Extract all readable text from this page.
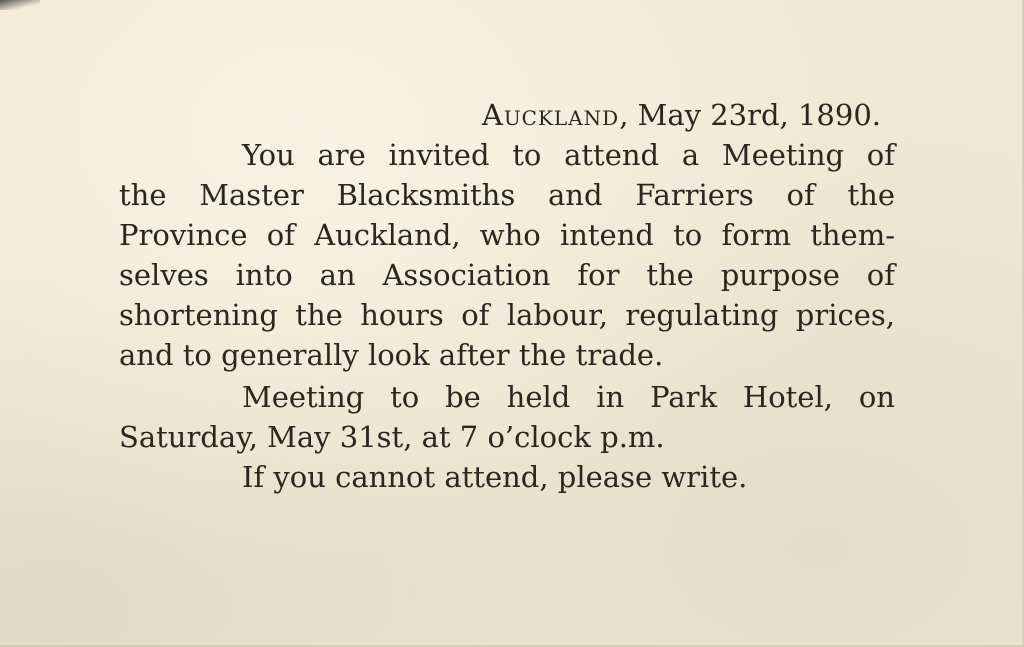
Auckland, May 23rd, 1890.
You are invited to attend a Meeting of
the Master Blacksmiths and Farriers of the
Province of Auckland, who intend to form them-
selves into an Association for the purpose of
shortening the hours of labour, regulating prices,
and to generally look after the trade.
Meeting to be held in Park Hotel, on
Saturday, May 31st, at 7 o’clock p.m.
If you cannot attend, please write.
